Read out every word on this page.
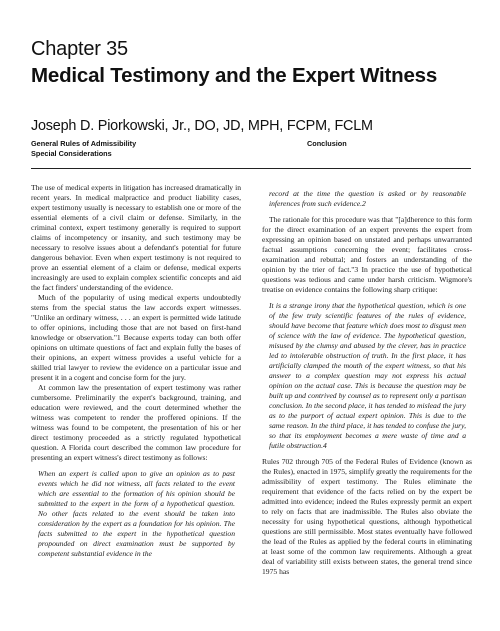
Chapter 35
Medical Testimony and the Expert Witness
Joseph D. Piorkowski, Jr., DO, JD, MPH, FCPM, FCLM
General Rules of Admissibility
Special Considerations
Conclusion

The use of medical experts in litigation has increased dramatically in recent years. In medical malpractice and product liability cases, expert testimony usually is necessary to establish one or more of the essential elements of a civil claim or defense. Similarly, in the criminal context, expert testimony generally is required to support claims of incompetency or insanity, and such testimony may be necessary to resolve issues about a defendant's potential for future dangerous behavior. Even when expert testimony is not required to prove an essential element of a claim or defense, medical experts increasingly are used to explain complex scientific concepts and aid the fact finders' understanding of the evidence.

Much of the popularity of using medical experts undoubtedly stems from the special status the law accords expert witnesses. "Unlike an ordinary witness, . . . an expert is permitted wide latitude to offer opinions, including those that are not based on first-hand knowledge or observation."1 Because experts today can both offer opinions on ultimate questions of fact and explain fully the bases of their opinions, an expert witness provides a useful vehicle for a skilled trial lawyer to review the evidence on a particular issue and present it in a cogent and concise form for the jury.

At common law the presentation of expert testimony was rather cumbersome. Preliminarily the expert's background, training, and education were reviewed, and the court determined whether the witness was competent to render the proffered opinions. If the witness was found to be competent, the presentation of his or her direct testimony proceeded as a strictly regulated hypothetical question. A Florida court described the common law procedure for presenting an expert witness's direct testimony as follows:

When an expert is called upon to give an opinion as to past events which he did not witness, all facts related to the event which are essential to the formation of his opinion should be submitted to the expert in the form of a hypothetical question. No other facts related to the event should be taken into consideration by the expert as a foundation for his opinion. The facts submitted to the expert in the hypothetical question propounded on direct examination must be supported by competent substantial evidence in the
record at the time the question is asked or by reasonable inferences from such evidence.2

The rationale for this procedure was that "[a]dherence to this form for the direct examination of an expert prevents the expert from expressing an opinion based on unstated and perhaps unwarranted factual assumptions concerning the event; facilitates cross-examination and rebuttal; and fosters an understanding of the opinion by the trier of fact."3 In practice the use of hypothetical questions was tedious and came under harsh criticism. Wigmore's treatise on evidence contains the following sharp critique:

It is a strange irony that the hypothetical question, which is one of the few truly scientific features of the rules of evidence, should have become that feature which does most to disgust men of science with the law of evidence. The hypothetical question, misused by the clumsy and abused by the clever, has in practice led to intolerable obstruction of truth. In the first place, it has artificially clamped the mouth of the expert witness, so that his answer to a complex question may not express his actual opinion on the actual case. This is because the question may be built up and contrived by counsel as to represent only a partisan conclusion. In the second place, it has tended to mislead the jury as to the purport of actual expert opinion. This is due to the same reason. In the third place, it has tended to confuse the jury, so that its employment becomes a mere waste of time and a futile obstruction.4

Rules 702 through 705 of the Federal Rules of Evidence (known as the Rules), enacted in 1975, simplify greatly the requirements for the admissibility of expert testimony. The Rules eliminate the requirement that evidence of the facts relied on by the expert be admitted into evidence; indeed the Rules expressly permit an expert to rely on facts that are inadmissible. The Rules also obviate the necessity for using hypothetical questions, although hypothetical questions are still permissible. Most states eventually have followed the lead of the Rules as applied by the federal courts in eliminating at least some of the common law requirements. Although a great deal of variability still exists between states, the general trend since 1975 has
